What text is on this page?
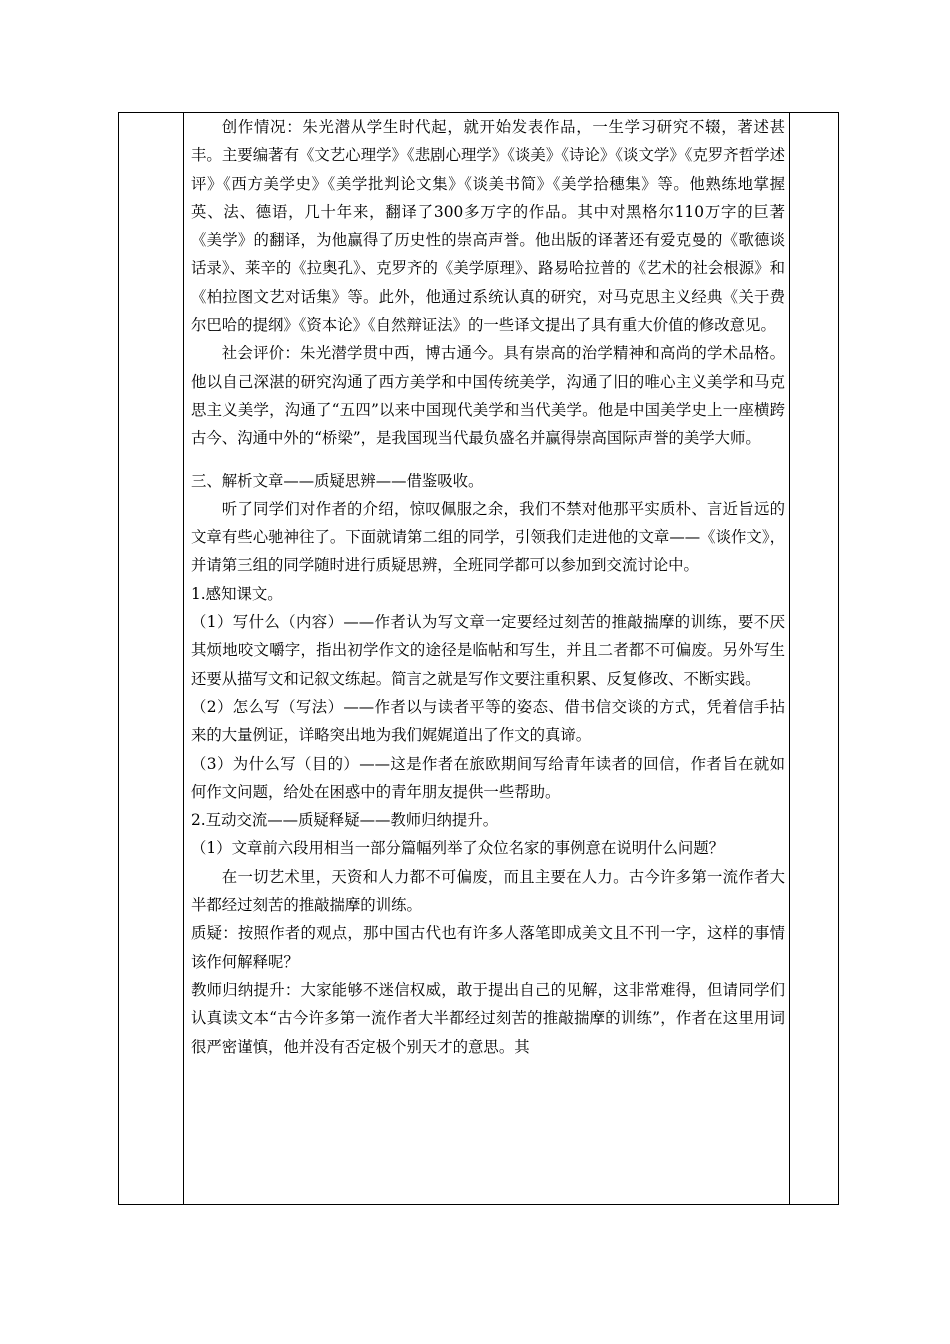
创作情况：朱光潜从学生时代起，就开始发表作品，一生学习研究不辍，著述甚丰。主要编著有《文艺心理学》《悲剧心理学》《谈美》《诗论》《谈文学》《克罗齐哲学述评》《西方美学史》《美学批判论文集》《谈美书简》《美学拾穗集》等。他熟练地掌握英、法、德语，几十年来，翻译了300多万字的作品。其中对黑格尔110万字的巨著《美学》的翻译，为他赢得了历史性的崇高声誉。他出版的译著还有爱克曼的《歌德谈话录》、莱辛的《拉奥孔》、克罗齐的《美学原理》、路易哈拉普的《艺术的社会根源》和《柏拉图文艺对话集》等。此外，他通过系统认真的研究，对马克思主义经典《关于费尔巴哈的提纲》《资本论》《自然辩证法》的一些译文提出了具有重大价值的修改意见。

社会评价：朱光潜学贯中西，博古通今。具有崇高的治学精神和高尚的学术品格。他以自己深湛的研究沟通了西方美学和中国传统美学，沟通了旧的唯心主义美学和马克思主义美学，沟通了“五四”以来中国现代美学和当代美学。他是中国美学史上一座横跨古今、沟通中外的“桥梁”，是我国现当代最负盛名并赢得崇高国际声誉的美学大师。

三、解析文章——质疑思辨——借鉴吸收。

听了同学们对作者的介绍，惊叹佩服之余，我们不禁对他那平实质朴、言近旨远的文章有些心驰神往了。下面就请第二组的同学，引领我们走进他的文章——《谈作文》，并请第三组的同学随时进行质疑思辨，全班同学都可以参加到交流讨论中。

1.感知课文。

（1）写什么（内容）——作者认为写文章一定要经过刻苦的推敲揣摩的训练，要不厌其烦地咬文嚼字，指出初学作文的途径是临帖和写生，并且二者都不可偏废。另外写生还要从描写文和记叙文练起。简言之就是写作文要注重积累、反复修改、不断实践。

（2）怎么写（写法）——作者以与读者平等的姿态、借书信交谈的方式，凭着信手拈来的大量例证，详略突出地为我们娓娓道出了作文的真谛。

（3）为什么写（目的）——这是作者在旅欧期间写给青年读者的回信，作者旨在就如何作文问题，给处在困惑中的青年朋友提供一些帮助。

2.互动交流——质疑释疑——教师归纳提升。

（1）文章前六段用相当一部分篇幅列举了众位名家的事例意在说明什么问题？

在一切艺术里，天资和人力都不可偏废，而且主要在人力。古今许多第一流作者大半都经过刻苦的推敲揣摩的训练。

质疑：按照作者的观点，那中国古代也有许多人落笔即成美文且不刊一字，这样的事情该作何解释呢？

教师归纳提升：大家能够不迷信权威，敢于提出自己的见解，这非常难得，但请同学们认真读文本“古今许多第一流作者大半都经过刻苦的推敲揣摩的训练”，作者在这里用词很严密谨慎，他并没有否定极个别天才的意思。其
